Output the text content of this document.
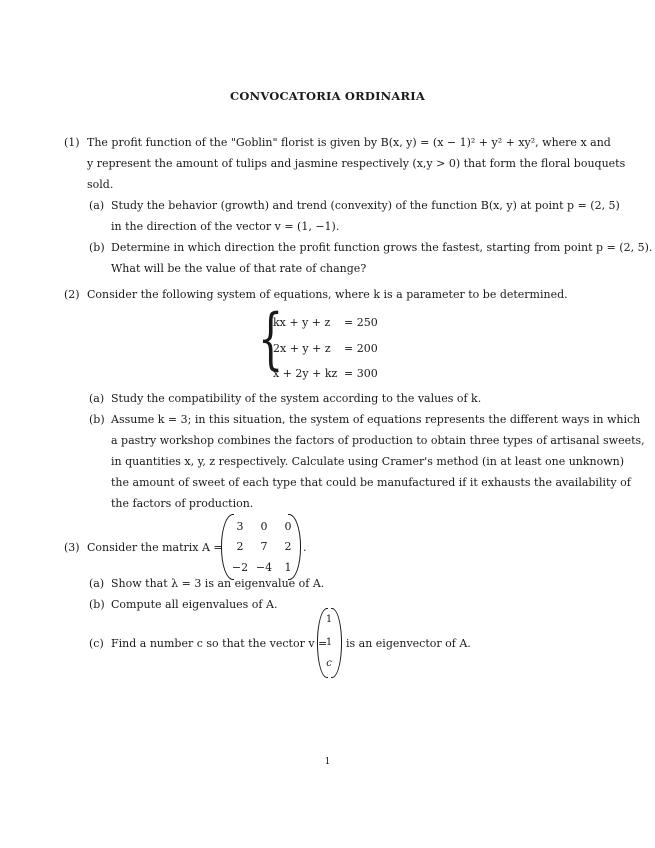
CONVOCATORIA ORDINARIA
(1) The profit function of the "Goblin" florist is given by B(x, y) = (x − 1)² + y² + xy², where x and
y represent the amount of tulips and jasmine respectively (x,y > 0) that form the floral bouquets
sold.
(a) Study the behavior (growth) and trend (convexity) of the function B(x, y) at point p = (2, 5)
in the direction of the vector v = (1, −1).
(b) Determine in which direction the profit function grows the fastest, starting from point p = (2, 5).
What will be the value of that rate of change?
(2) Consider the following system of equations, where k is a parameter to be determined.
{
kx + y + z = 250
2x + y + z = 200
x + 2y + kz = 300
(a) Study the compatibility of the system according to the values of k.
(b) Assume k = 3; in this situation, the system of equations represents the different ways in which
a pastry workshop combines the factors of production to obtain three types of artisanal sweets,
in quantities x, y, z respectively. Calculate using Cramer's method (in at least one unknown)
the amount of sweet of each type that could be manufactured if it exhausts the availability of
the factors of production.
(3) Consider the matrix A =
3 0 0
2 7 2
−2 −4 1
.
(a) Show that λ = 3 is an eigenvalue of A.
(b) Compute all eigenvalues of A.
(c) Find a number c so that the vector v =
1
1
c
is an eigenvector of A.
1
